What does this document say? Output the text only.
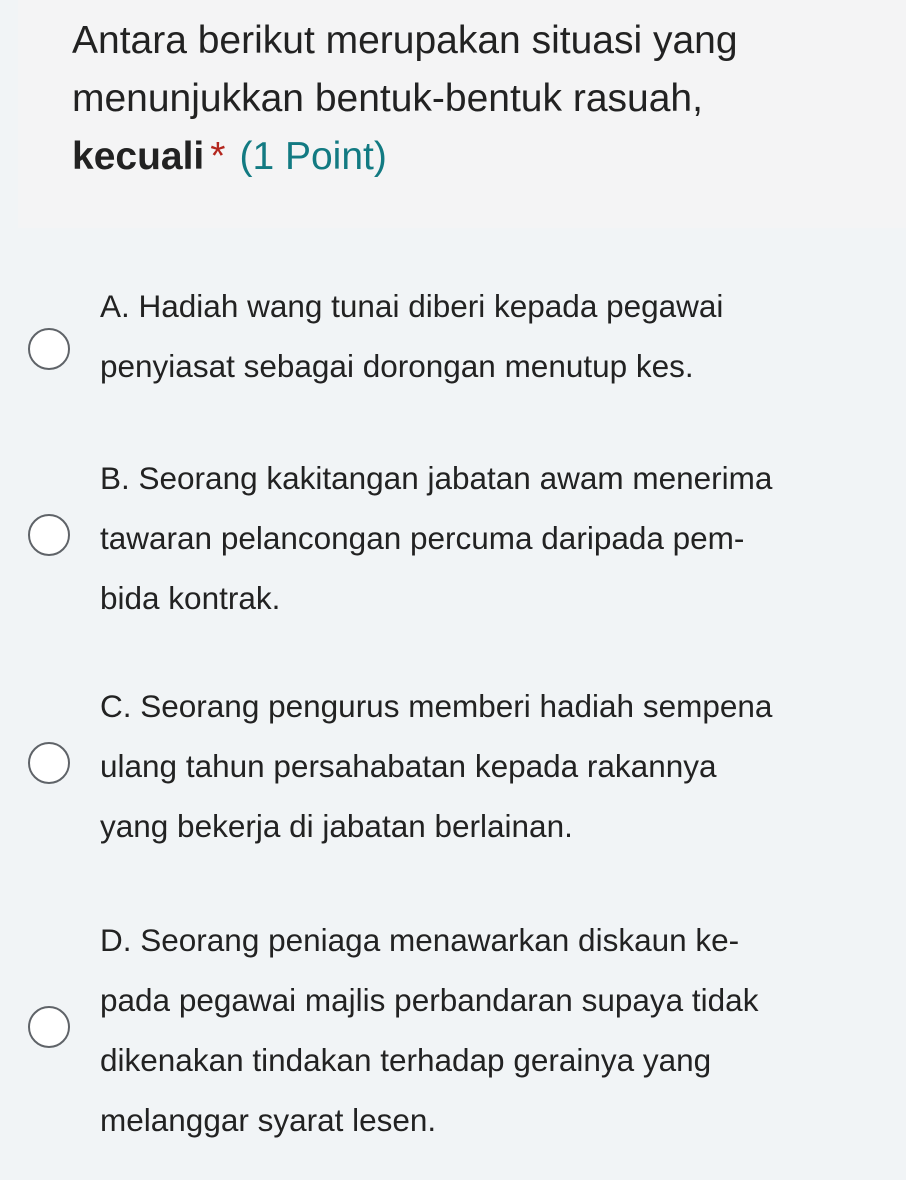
Antara berikut merupakan situasi yang
menunjukkan bentuk-bentuk rasuah,
kecuali * (1 Point)
A. Hadiah wang tunai diberi kepada pegawai
penyiasat sebagai dorongan menutup kes.
B. Seorang kakitangan jabatan awam menerima
tawaran pelancongan percuma daripada pem-
bida kontrak.
C. Seorang pengurus memberi hadiah sempena
ulang tahun persahabatan kepada rakannya
yang bekerja di jabatan berlainan.
D. Seorang peniaga menawarkan diskaun ke-
pada pegawai majlis perbandaran supaya tidak
dikenakan tindakan terhadap gerainya yang
melanggar syarat lesen.
